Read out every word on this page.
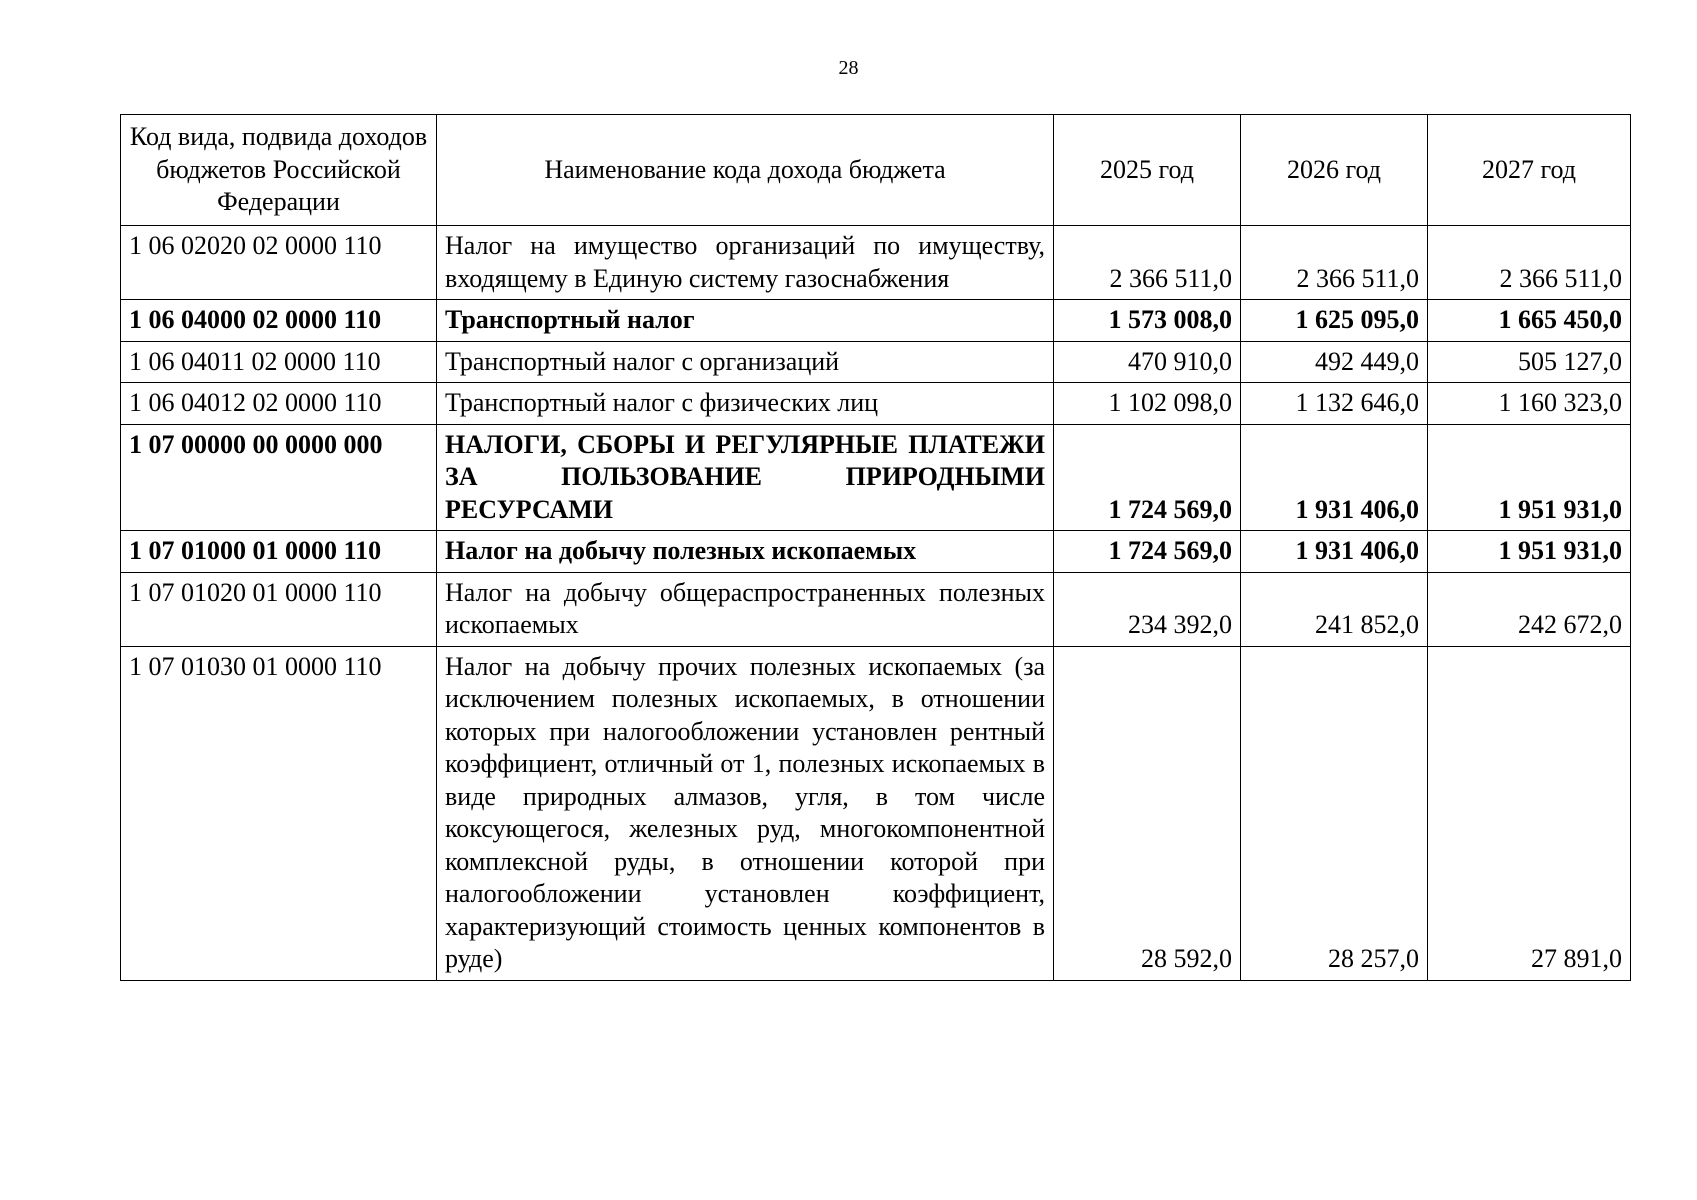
28
Код вида, подвида доходов бюджетов Российской Федерации	Наименование кода дохода бюджета	2025 год	2026 год	2027 год
1 06 02020 02 0000 110	Налог на имущество организаций по имуществу, входящему в Единую систему газоснабжения	2 366 511,0	2 366 511,0	2 366 511,0
1 06 04000 02 0000 110	Транспортный налог	1 573 008,0	1 625 095,0	1 665 450,0
1 06 04011 02 0000 110	Транспортный налог с организаций	470 910,0	492 449,0	505 127,0
1 06 04012 02 0000 110	Транспортный налог с физических лиц	1 102 098,0	1 132 646,0	1 160 323,0
1 07 00000 00 0000 000	НАЛОГИ, СБОРЫ И РЕГУЛЯРНЫЕ ПЛАТЕЖИ ЗА ПОЛЬЗОВАНИЕ ПРИРОДНЫМИ РЕСУРСАМИ	1 724 569,0	1 931 406,0	1 951 931,0
1 07 01000 01 0000 110	Налог на добычу полезных ископаемых	1 724 569,0	1 931 406,0	1 951 931,0
1 07 01020 01 0000 110	Налог на добычу общераспространенных полезных ископаемых	234 392,0	241 852,0	242 672,0
1 07 01030 01 0000 110	Налог на добычу прочих полезных ископаемых (за исключением полезных ископаемых, в отношении которых при налогообложении установлен рентный коэффициент, отличный от 1, полезных ископаемых в виде природных алмазов, угля, в том числе коксующегося, железных руд, многокомпонентной комплексной руды, в отношении которой при налогообложении установлен коэффициент, характеризующий стоимость ценных компонентов в руде)	28 592,0	28 257,0	27 891,0
